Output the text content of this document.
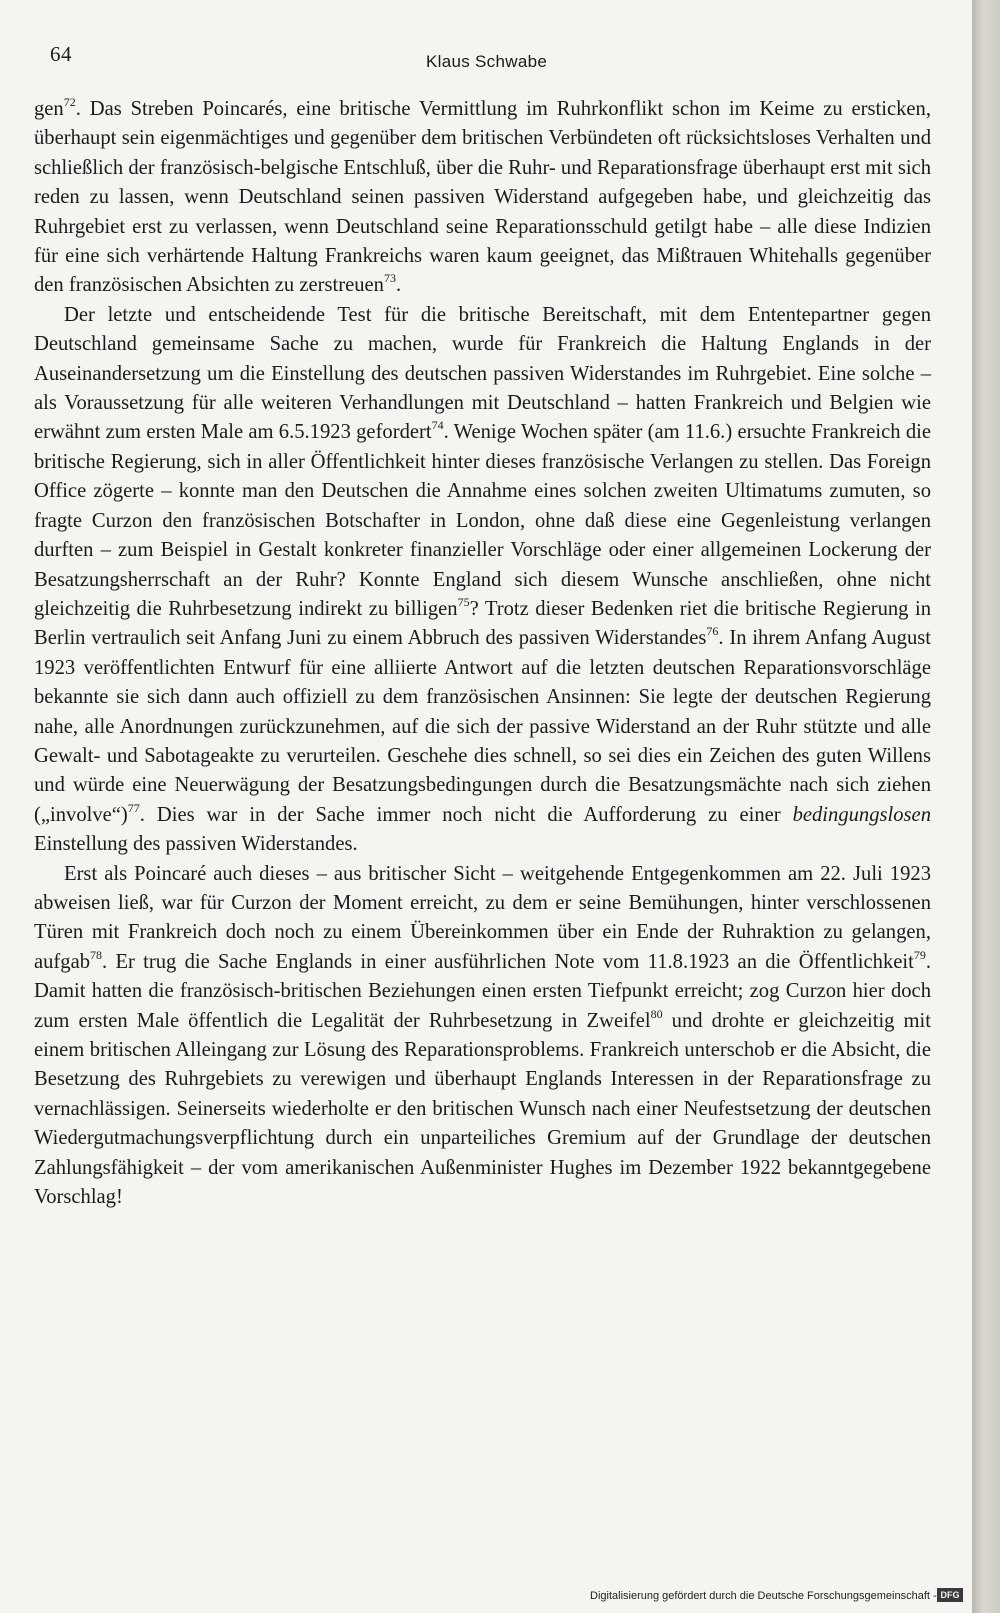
64	Klaus Schwabe

gen$^{72}$. Das Streben Poincarés, eine britische Vermittlung im Ruhrkonflikt schon im Keime zu ersticken, überhaupt sein eigenmächtiges und gegenüber dem britischen Verbündeten oft rücksichtsloses Verhalten und schließlich der französisch-belgische Entschluß, über die Ruhr- und Reparationsfrage überhaupt erst mit sich reden zu lassen, wenn Deutschland seinen passiven Widerstand aufgegeben habe, und gleichzeitig das Ruhrgebiet erst zu verlassen, wenn Deutschland seine Reparationsschuld getilgt habe – alle diese Indizien für eine sich verhärtende Haltung Frankreichs waren kaum geeignet, das Mißtrauen Whitehalls gegenüber den französischen Absichten zu zerstreuen$^{73}$.

Der letzte und entscheidende Test für die britische Bereitschaft, mit dem Ententepartner gegen Deutschland gemeinsame Sache zu machen, wurde für Frankreich die Haltung Englands in der Auseinandersetzung um die Einstellung des deutschen passiven Widerstandes im Ruhrgebiet. Eine solche – als Voraussetzung für alle weiteren Verhandlungen mit Deutschland – hatten Frankreich und Belgien wie erwähnt zum ersten Male am 6.5.1923 gefordert$^{74}$. Wenige Wochen später (am 11.6.) ersuchte Frankreich die britische Regierung, sich in aller Öffentlichkeit hinter dieses französische Verlangen zu stellen. Das Foreign Office zögerte – konnte man den Deutschen die Annahme eines solchen zweiten Ultimatums zumuten, so fragte Curzon den französischen Botschafter in London, ohne daß diese eine Gegenleistung verlangen durften – zum Beispiel in Gestalt konkreter finanzieller Vorschläge oder einer allgemeinen Lockerung der Besatzungsherrschaft an der Ruhr? Konnte England sich diesem Wunsche anschließen, ohne nicht gleichzeitig die Ruhrbesetzung indirekt zu billigen$^{75}$? Trotz dieser Bedenken riet die britische Regierung in Berlin vertraulich seit Anfang Juni zu einem Abbruch des passiven Widerstandes$^{76}$. In ihrem Anfang August 1923 veröffentlichten Entwurf für eine alliierte Antwort auf die letzten deutschen Reparationsvorschläge bekannte sie sich dann auch offiziell zu dem französischen Ansinnen: Sie legte der deutschen Regierung nahe, alle Anordnungen zurückzunehmen, auf die sich der passive Widerstand an der Ruhr stützte und alle Gewalt- und Sabotageakte zu verurteilen. Geschehe dies schnell, so sei dies ein Zeichen des guten Willens und würde eine Neuerwägung der Besatzungsbedingungen durch die Besatzungsmächte nach sich ziehen („involve“)$^{77}$. Dies war in der Sache immer noch nicht die Aufforderung zu einer bedingungslosen Einstellung des passiven Widerstandes.

Erst als Poincaré auch dieses – aus britischer Sicht – weitgehende Entgegenkommen am 22. Juli 1923 abweisen ließ, war für Curzon der Moment erreicht, zu dem er seine Bemühungen, hinter verschlossenen Türen mit Frankreich doch noch zu einem Übereinkommen über ein Ende der Ruhraktion zu gelangen, aufgab$^{78}$. Er trug die Sache Englands in einer ausführlichen Note vom 11.8.1923 an die Öffentlichkeit$^{79}$. Damit hatten die französisch-britischen Beziehungen einen ersten Tiefpunkt erreicht; zog Curzon hier doch zum ersten Male öffentlich die Legalität der Ruhrbesetzung in Zweifel$^{80}$ und drohte er gleichzeitig mit einem britischen Alleingang zur Lösung des Reparationsproblems. Frankreich unterschob er die Absicht, die Besetzung des Ruhrgebiets zu verewigen und überhaupt Englands Interessen in der Reparationsfrage zu vernachlässigen. Seinerseits wiederholte er den britischen Wunsch nach einer Neufestsetzung der deutschen Wiedergutmachungsverpflichtung durch ein unparteiliches Gremium auf der Grundlage der deutschen Zahlungsfähigkeit – der vom amerikanischen Außenminister Hughes im Dezember 1922 bekanntgegebene Vorschlag!

Digitalisierung gefördert durch die Deutsche Forschungsgemeinschaft - DFG
